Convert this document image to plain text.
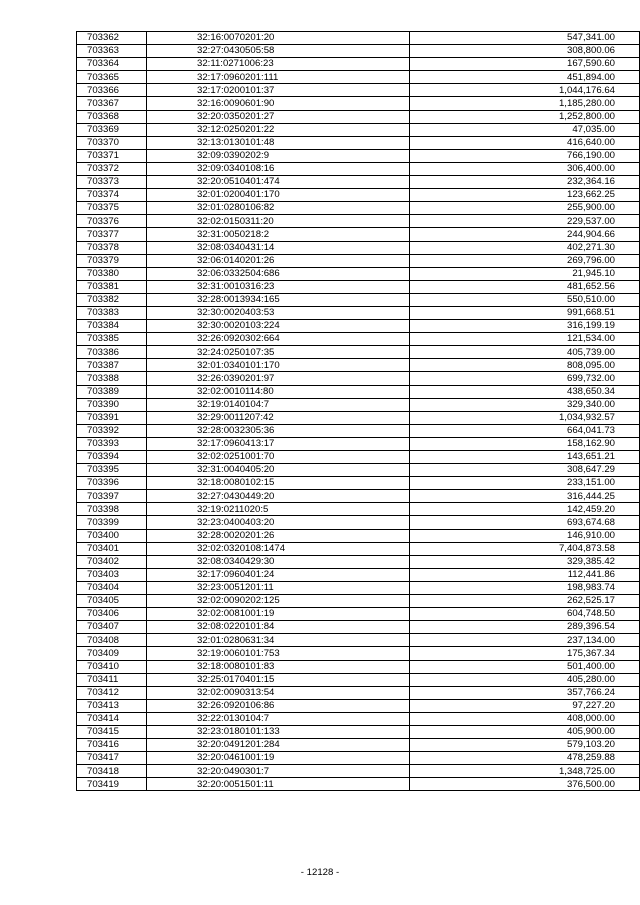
703362	32:16:0070201:20	547,341.00
703363	32:27:0430505:58	308,800.06
703364	32:11:0271006:23	167,590.60
703365	32:17:0960201:111	451,894.00
703366	32:17:0200101:37	1,044,176.64
703367	32:16:0090601:90	1,185,280.00
703368	32:20:0350201:27	1,252,800.00
703369	32:12:0250201:22	47,035.00
703370	32:13:0130101:48	416,640.00
703371	32:09:0390202:9	766,190.00
703372	32:09:0340108:16	306,400.00
703373	32:20:0510401:474	232,364.16
703374	32:01:0200401:170	123,662.25
703375	32:01:0280106:82	255,900.00
703376	32:02:0150311:20	229,537.00
703377	32:31:0050218:2	244,904.66
703378	32:08:0340431:14	402,271.30
703379	32:06:0140201:26	269,796.00
703380	32:06:0332504:686	21,945.10
703381	32:31:0010316:23	481,652.56
703382	32:28:0013934:165	550,510.00
703383	32:30:0020403:53	991,668.51
703384	32:30:0020103:224	316,199.19
703385	32:26:0920302:664	121,534.00
703386	32:24:0250107:35	405,739.00
703387	32:01:0340101:170	808,095.00
703388	32:26:0390201:97	699,732.00
703389	32:02:0010114:80	438,650.34
703390	32:19:0140104:7	329,340.00
703391	32:29:0011207:42	1,034,932.57
703392	32:28:0032305:36	664,041.73
703393	32:17:0960413:17	158,162.90
703394	32:02:0251001:70	143,651.21
703395	32:31:0040405:20	308,647.29
703396	32:18:0080102:15	233,151.00
703397	32:27:0430449:20	316,444.25
703398	32:19:0211020:5	142,459.20
703399	32:23:0400403:20	693,674.68
703400	32:28:0020201:26	146,910.00
703401	32:02:0320108:1474	7,404,873.58
703402	32:08:0340429:30	329,385.42
703403	32:17:0960401:24	112,441.86
703404	32:23:0051201:11	198,983.74
703405	32:02:0090202:125	262,525.17
703406	32:02:0081001:19	604,748.50
703407	32:08:0220101:84	289,396.54
703408	32:01:0280631:34	237,134.00
703409	32:19:0060101:753	175,367.34
703410	32:18:0080101:83	501,400.00
703411	32:25:0170401:15	405,280.00
703412	32:02:0090313:54	357,766.24
703413	32:26:0920106:86	97,227.20
703414	32:22:0130104:7	408,000.00
703415	32:23:0180101:133	405,900.00
703416	32:20:0491201:284	579,103.20
703417	32:20:0461001:19	478,259.88
703418	32:20:0490301:7	1,348,725.00
703419	32:20:0051501:11	376,500.00
- 12128 -
